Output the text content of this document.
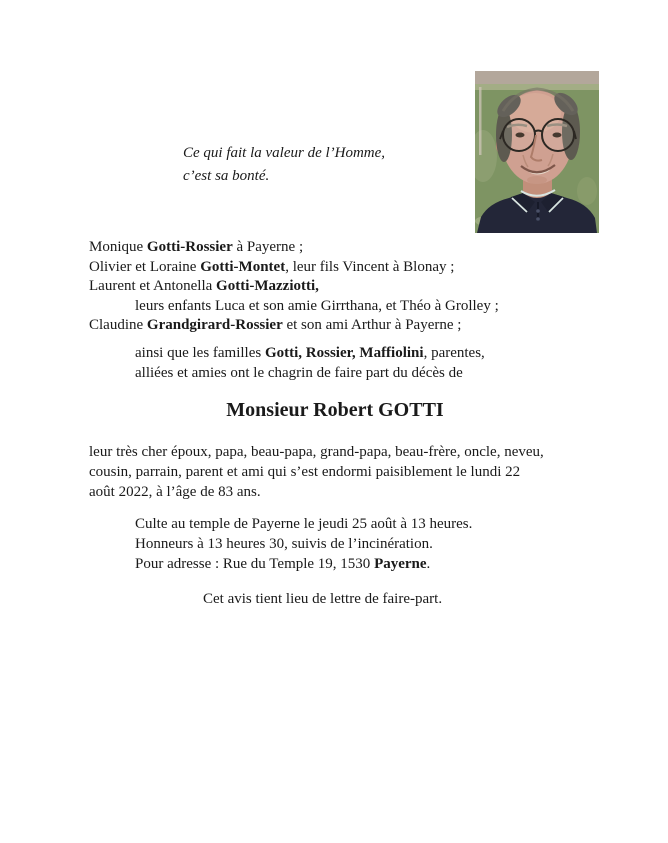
Ce qui fait la valeur de l’Homme,
c’est sa bonté.
Monique Gotti-Rossier à Payerne ;
Olivier et Loraine Gotti-Montet, leur fils Vincent à Blonay ;
Laurent et Antonella Gotti-Mazziotti,
leurs enfants Luca et son amie Girrthana, et Théo à Grolley ;
Claudine Grandgirard-Rossier et son ami Arthur à Payerne ;
ainsi que les familles Gotti, Rossier, Maffiolini, parentes,
alliées et amies ont le chagrin de faire part du décès de
Monsieur Robert GOTTI
leur très cher époux, papa, beau-papa, grand-papa, beau-frère, oncle, neveu,
cousin, parrain, parent et ami qui s’est endormi paisiblement le lundi 22
août 2022, à l’âge de 83 ans.
Culte au temple de Payerne le jeudi 25 août à 13 heures.
Honneurs à 13 heures 30, suivis de l’incinération.
Pour adresse : Rue du Temple 19, 1530 Payerne.
Cet avis tient lieu de lettre de faire-part.
